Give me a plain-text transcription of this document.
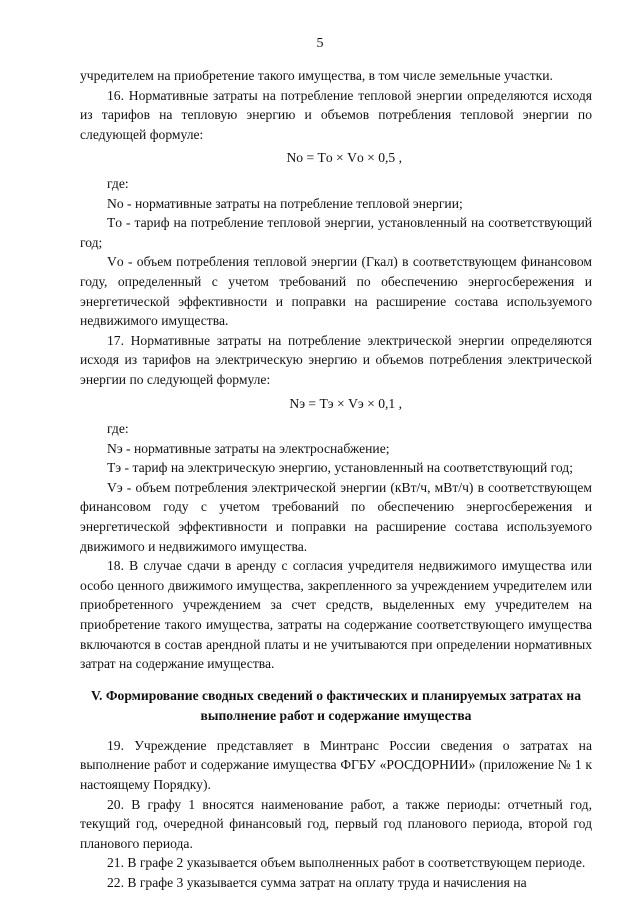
5

учредителем на приобретение такого имущества, в том числе земельные участки.

16. Нормативные затраты на потребление тепловой энергии определяются исходя из тарифов на тепловую энергию и объемов потребления тепловой энергии по следующей формуле:

Nо = Tо × Vо × 0,5 ,

где:

Nо - нормативные затраты на потребление тепловой энергии;

Tо - тариф на потребление тепловой энергии, установленный на соответствующий год;

Vо - объем потребления тепловой энергии (Гкал) в соответствующем финансовом году, определенный с учетом требований по обеспечению энергосбережения и энергетической эффективности и поправки на расширение состава используемого недвижимого имущества.

17. Нормативные затраты на потребление электрической энергии определяются исходя из тарифов на электрическую энергию и объемов потребления электрической энергии по следующей формуле:

Nэ = Tэ × Vэ × 0,1 ,

где:

Nэ - нормативные затраты на электроснабжение;

Tэ - тариф на электрическую энергию, установленный на соответствующий год;

Vэ - объем потребления электрической энергии (кВт/ч, мВт/ч) в соответствующем финансовом году с учетом требований по обеспечению энергосбережения и энергетической эффективности и поправки на расширение состава используемого движимого и недвижимого имущества.

18. В случае сдачи в аренду с согласия учредителя недвижимого имущества или особо ценного движимого имущества, закрепленного за учреждением учредителем или приобретенного учреждением за счет средств, выделенных ему учредителем на приобретение такого имущества, затраты на содержание соответствующего имущества включаются в состав арендной платы и не учитываются при определении нормативных затрат на содержание имущества.

V. Формирование сводных сведений о фактических и планируемых затратах на выполнение работ и содержание имущества

19. Учреждение представляет в Минтранс России сведения о затратах на выполнение работ и содержание имущества ФГБУ «РОСДОРНИИ» (приложение № 1 к настоящему Порядку).

20. В графу 1 вносятся наименование работ, а также периоды: отчетный год, текущий год, очередной финансовый год, первый год планового периода, второй год планового периода.

21. В графе 2 указывается объем выполненных работ в соответствующем периоде.

22. В графе 3 указывается сумма затрат на оплату труда и начисления на
